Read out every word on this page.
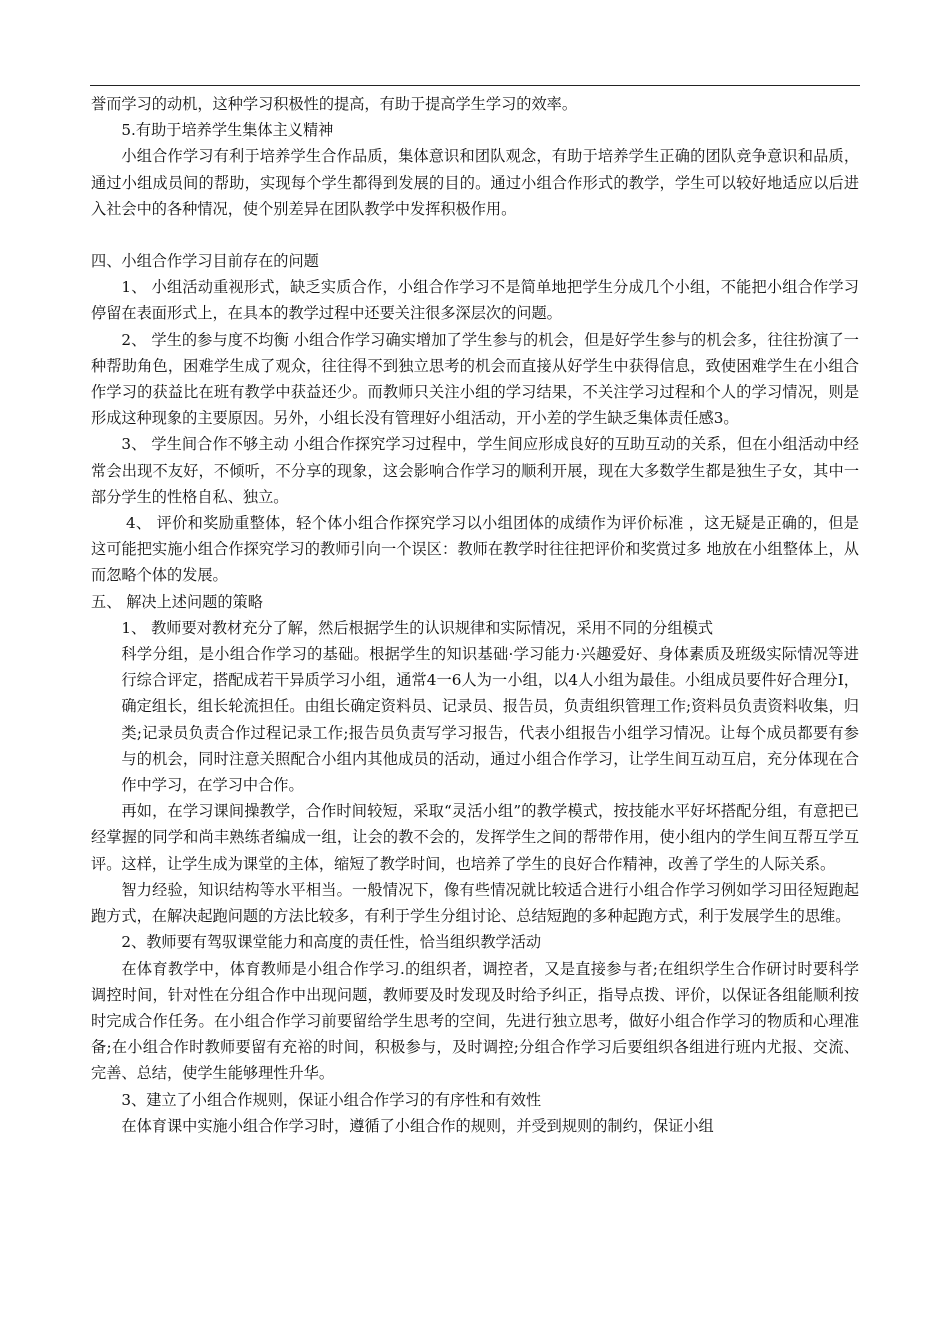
誉而学习的动机，这种学习积极性的提高，有助于提高学生学习的效率。

5.有助于培养学生集体主义精神

小组合作学习有利于培养学生合作品质，集体意识和团队观念，有助于培养学生正确的团队竞争意识和品质，通过小组成员间的帮助，实现每个学生都得到发展的目的。通过小组合作形式的教学，学生可以较好地适应以后进入社会中的各种情况，使个别差异在团队教学中发挥积极作用。

四、小组合作学习目前存在的问题

1、 小组活动重视形式，缺乏实质合作，小组合作学习不是简单地把学生分成几个小组，不能把小组合作学习停留在表面形式上，在具本的教学过程中还要关注很多深层次的问题。

2、 学生的参与度不均衡 小组合作学习确实增加了学生参与的机会，但是好学生参与的机会多，往往扮演了一种帮助角色，困难学生成了观众，往往得不到独立思考的机会而直接从好学生中获得信息，致使困难学生在小组合作学习的获益比在班有教学中获益还少。而教师只关注小组的学习结果，不关注学习过程和个人的学习情况，则是形成这种现象的主要原因。另外，小组长没有管理好小组活动，开小差的学生缺乏集体责任感3。

3、 学生间合作不够主动 小组合作探究学习过程中，学生间应形成良好的互助互动的关系，但在小组活动中经常会出现不友好，不倾听，不分享的现象，这会影响合作学习的顺利开展，现在大多数学生都是独生子女，其中一部分学生的性格自私、独立。

4、 评价和奖励重整体，轻个体小组合作探究学习以小组团体的成绩作为评价标准 ，这无疑是正确的，但是这可能把实施小组合作探究学习的教师引向一个误区：教师在教学时往往把评价和奖赏过多 地放在小组整体上，从而忽略个体的发展。

五、 解决上述问题的策略

1、 教师要对教材充分了解，然后根据学生的认识规律和实际情况，采用不同的分组模式

科学分组，是小组合作学习的基础。根据学生的知识基础·学习能力·兴趣爱好、身体素质及班级实际情况等进行综合评定，搭配成若干异质学习小组，通常4一6人为一小组，以4人小组为最佳。小组成员要件好合理分I，确定组长，组长轮流担任。由组长确定资料员、记录员、报告员，负责组织管理工作;资料员负责资料收集，归类;记录员负责合作过程记录工作;报告员负责写学习报告，代表小组报告小组学习情况。让每个成员都要有参与的机会，同时注意关照配合小组内其他成员的活动，通过小组合作学习，让学生间互动互启，充分体现在合作中学习，在学习中合作。

再如，在学习课间操教学，合作时间较短，采取“灵活小组”的教学模式，按技能水平好坏搭配分组，有意把已经掌握的同学和尚丰熟练者编成一组，让会的教不会的，发挥学生之间的帮带作用，使小组内的学生间互帮互学互评。这样，让学生成为课堂的主体，缩短了教学时间，也培养了学生的良好合作精神，改善了学生的人际关系。

智力经验，知识结构等水平相当。一般情况下，像有些情况就比较适合进行小组合作学习例如学习田径短跑起跑方式，在解决起跑问题的方法比较多，有利于学生分组讨论、总结短跑的多种起跑方式，利于发展学生的思维。

2、教师要有驾驭课堂能力和高度的责任性，恰当组织教学活动

在体育教学中，体育教师是小组合作学习.的组织者，调控者，又是直接参与者;在组织学生合作研讨时要科学调控时间，针对性在分组合作中出现问题，教师要及时发现及时给予纠正，指导点拨、评价，以保证各组能顺利按时完成合作任务。在小组合作学习前要留给学生思考的空间，先进行独立思考，做好小组合作学习的物质和心理准备;在小组合作时教师要留有充裕的时间，积极参与，及时调控;分组合作学习后要组织各组进行班内尤报、交流、完善、总结，使学生能够理性升华。

3、建立了小组合作规则，保证小组合作学习的有序性和有效性

在体育课中实施小组合作学习时，遵循了小组合作的规则，并受到规则的制约，保证小组
